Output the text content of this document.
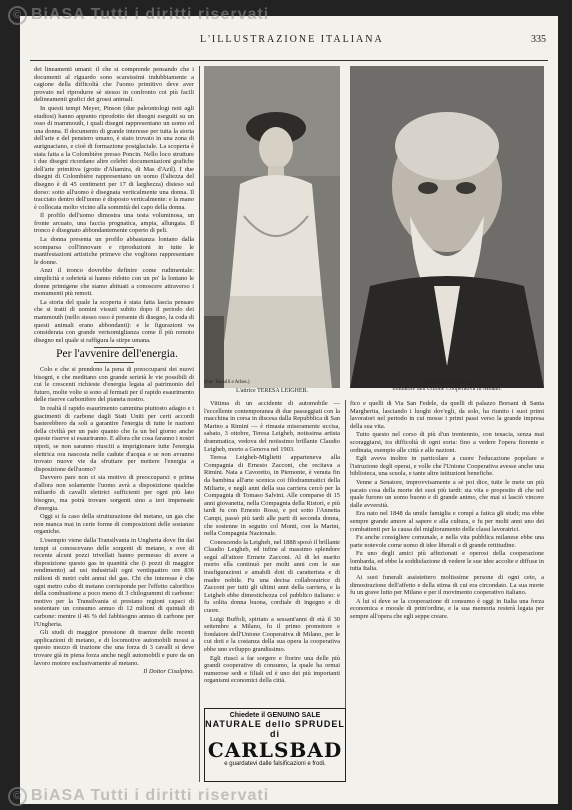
© BiASA Tutti i diritti riservati
© BiASA Tutti i diritti riservati
L'ILLUSTRAZIONE ITALIANA	335

dei lineamenti umani: il che si comprende pensando che i documenti al riguardo sono scarsissimi indubbiamente a cagione della difficoltà che l'uomo primitivo deve aver provato nel riprodurre sè stesso in confronto coi più facili delineamenti grafici dei grossi animali.

In questi tempi Meyer, Pinson (due paleontologi noti agli studiosi) hanno appunto riprodotto dei disegni eseguiti su un osso di mammouth, i quali disegni rappresentano un uomo ed una donna. Il documento di grande interesse per tutta la storia dell'arte e del pensiero umano, è stato trovato in una zona di aurignaciano, e cioè di formazione postglaciale. La scoperta è stata fatta a la Colombière presso Poncin. Nello loco strutture i due disegni ricordano altre celebri documentazioni grafiche dell'arte primitiva (grotte d'Altamira, di Mas d'Azil). I due disegni di Colombière rappresentano un uomo (l'altezza del disegno è di 45 centimetri per 17 di larghezza) disteso sul dorso: sotto all'uomo è disegnata verticalmente una donna. Il tracciato dentro dell'uomo è disposto verticalmente: e la mano è collocata molto vicino alla sommità del capo della donna.

Il profilo dell'uomo dimostra una testa voluminosa, un fronte arcuato, una faccia prognatica, ampia, allungata. Il tronco è disegnato abbondantemente coperto di peli.

La donna presenta un profilo abbastanza lontano dalla scomparsa coll'innovare e riproduzioni in tutte le manifestazioni artistiche primeve che vogliono rappresentare le donne.

Anzi il tronco dovrebbe definire come rudimentale: simplicità e sobrietà si hanno ridotto con un po' la lontano le donne primigene che siamo abituati a conoscere attraverso i monumenti più remoti.

La storia del quale la scoperta è stata fatta lascia pensare che si tratti di uomini vissuti subito dopo il periodo dei mammouth (nello stesso osso è presente di disegno, la coda di questi animali erano abbondanti): e le figurazioni va considerata con grande verisomiglianza come il più remoto disegno nel quale si raffigura la stirpe umana.

Per l'avvenire dell'energia.

Colo e che si prendono la pena di preoccuparsi dei nuovi bisogni, e che meditano con grande serietà le vie possibili di cui le crescenti richieste d'energia legata al patrimonio del futuro, molte volte si sono al fermati per il rapido esaurimento delle riserve carbonifere del pianeta nostro.

In realtà il rapido esaurimento cammina piuttosto adagio e i giacimenti di carbone dagli Stati Uniti per certi accordi basterebbero da soli a garantire l'energia di tutte le nazioni della civiltà per un paio quanto che fa un bel giorno anche queste riserve si esauriranno. E allora che cosa faranno i nostri nipoti, se non saranno riusciti a imprigionare tutte l'energia elettrica ora nascosta nelle cadute d'acqua e se non avranno trovato nuove vie da sfruttare per mettere l'energia a disposizione dell'uomo?

Davvero pare non ci sia motivo di preoccuparsi: e prima d'allora non solamente l'uomo avrà a disposizione qualche miliardo di cavalli elettrici sufficienti per ogni più lato bisogno, ma potrà trovare sorgenti sino a ieri impensate d'energia.

Oggi si fa caso della strutturazione del metano, un gas che non manca mai in certe forme di composizioni delle sostanze organiche.

L'esempio viene dalla Transilvania in Ungheria dove fin dai tempi si conoscevano delle sorgenti di metano, e ove di recente alcuni pozzi trivellati hanno permesso di avere a disposizione questo gas in quantità che (i pozzi di maggior rendimento) ad usi industriali ogni ventiquattro ore 836 milioni di metri cubi annui del gas. Chi che interesse è che ogni metro cubo di metano corrisponde per l'effetto calorifico della combustione a poco meno di 3 chilogrammi di carbone: motivo per la Transilvania si prestano regioni capaci di sostentare un consumo annuo di 12 milioni di quintali di carbone: mentre il 46 % del fabbisogno annuo di carbone per l'Ungheria.

Gli studi di maggior pressione di traenze delle recenti applicazioni di metano, e di locomotive automobili mossi a questo mezzo di trazione che una forza di 3 cavalli si deve trovare già in piena forza anche negli automobili e pure da un lavoro motore esclusivamente al metano.

Il Dottor Cisalpino.

(Fot. Tassulli e Arbes.)
L'attrice TERESA LEIGHEB.
† LUIGI BUFFOLI,
fondatore dell'Unione Cooperativa in Milano.

Vittima di un accidente di automobile — l'eccellente contemporanea di due passeggiati con la macchina in corsa in discesa dalla Repubblica di San Marino a Rimini — è rimasta miseramente uccisa, sabato, 3 ottobre, Teresa Leigheb, notissima artista drammatica, vedova del notissimo brillante Claudio Leigheb, morto a Genova nel 1903.

Teresa Leigheb-Miglietti apparteneva alla Compagnia di Ernesto Zacconi, che recitava a Rimini. Nata a Cavoretto, in Piemonte, è venuta fin da bambina all'arte scenica coi filodrammatici della Miliarte, e negli anni della sua carriera cercò per la Compagnia di Tomaso Salvini. Alle comparse di 15 anni giovanetta, nella Compagnia della Ristori, e più tardi fu con Ernesto Rossi, e poi sotto l'Annetta Campi, passò più tardi alle parti di seconda donna, che sostenne in seguito col Monti, con la Marini, nella Compagnia Nazionale.

Conoscendo la Leigheb, nel 1888 sposò il brillante Claudio Leigheb, ed infine al massimo splendore seguì all'attore Ermete Zacconi. Al di lei marito morto ella continuò per molti anni con le sue trasfigurazioni e amabili doti di caratterista e di madre nobile. Fu una decisa collaboratrice di Zacconi per tutti gli ultimi anni della carriera, e la Leigheb ebbe dimestichezza col pubblico italiano: e fu solita donna buona, cordiale di ingegno e di cuore.

Luigi Buffoli, spiriato a sessant'anni di età il 30 settembre a Milano, fu il primo promotore e fondatore dell'Unione Cooperativa di Milano, per le cui doti e la costanza della sua opera la cooperativa ebbe uno sviluppo grandissimo.

Egli riuscì a far sorgere e fiorire una delle più grandi cooperative di consumo, la quale ha ormai numerose sedi e filiali ed è uno dei più importanti organismi economici della città.

Chiedete il GENUINO SALE
NATURALE dello SPRUDEL di
CARLSBAD
e guardatevi dalle falsificazioni e frodi.

fico e quelli di Via San Fedele, da quelli di palazzo Borsani di Santa Margherita, lasciando i luoghi dov'egli, da solo, ha riunito i suoi primi lavoratori nel periodo in cui mosse i primi passi verso la grande impresa della sua vita.

Tutto questo nel corso di più d'un trentennio, con tenacia, senza mai scoraggiarsi, tra difficoltà di ogni sorta: fino a vedere l'opera fiorente e ordinata, esempio alle città e alle nazioni.

Egli aveva inoltre in particolare a cuore l'educazione popolare e l'istruzione degli operai, e volle che l'Unione Cooperativa avesse anche una biblioteca, una scuola, e tante altre istituzioni benefiche.

Venne a Senatore, improvvisamente a sè poi dice, tutte le mete un più pacato cosa della morte dei suoi più tardi: sta vita e proposito di che nel quale furono un uomo buono e di grande animo, che mai si lasciò vincere dalle avversità.

Era nato nel 1848 da umile famiglia e compì a fatica gli studi; ma ebbe sempre grande amore al sapere e alla cultura, e fu per molti anni uno dei combattenti per la causa del miglioramento delle classi lavoratrici.

Fu anche consigliere comunale, e nella vita pubblica milanese ebbe una parte notevole come uomo di idee liberali e di grande rettitudine.

Fu uno degli amici più affezionati e operosi della cooperazione lombarda, ed ebbe la soddisfazione di vedere le sue idee accolte e diffuse in tutta Italia.

Ai suoi funerali assistettero moltissime persone di ogni ceto, a dimostrazione dell'affetto e della stima di cui era circondato. La sua morte fu un grave lutto per Milano e per il movimento cooperativo italiano.

A lui si deve se la cooperazione di consumo è oggi in Italia una forza economica e morale di prim'ordine, e la sua memoria resterà legata per sempre all'opera che egli seppe creare.
